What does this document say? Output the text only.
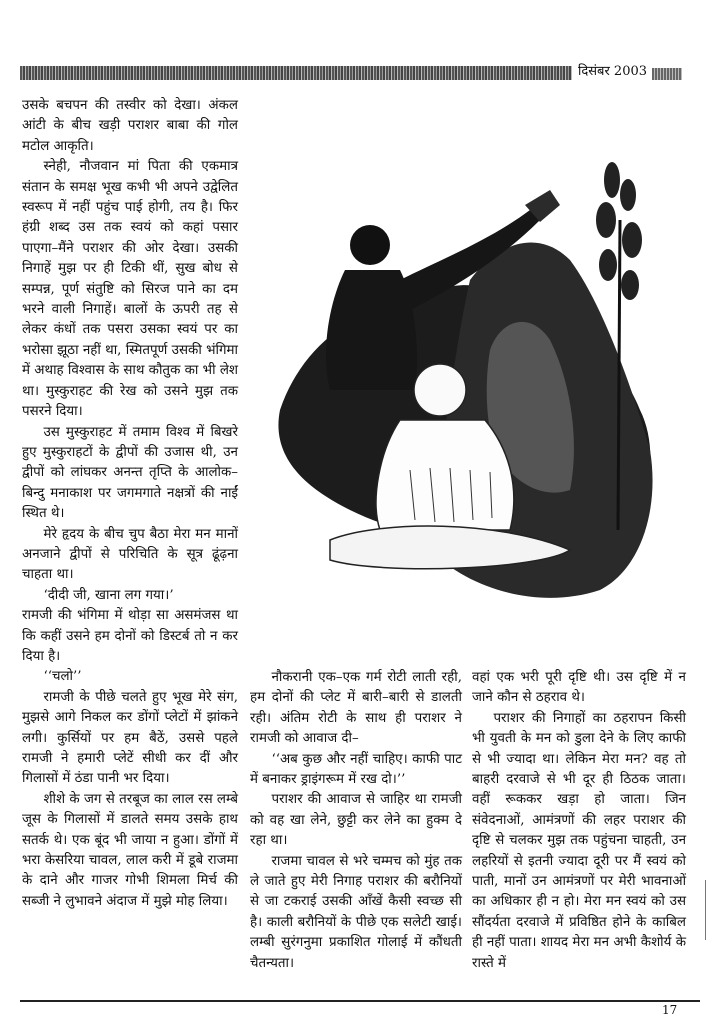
दिसंबर 2003

उसके बचपन की तस्वीर को देखा। अंकल आंटी के बीच खड़ी पराशर बाबा की गोल मटोल आकृति।

स्नेही, नौजवान मां पिता की एकमात्र संतान के समक्ष भूख कभी भी अपने उद्वेलित स्वरूप में नहीं पहुंच पाई होगी, तय है। फिर हंग्री शब्द उस तक स्वयं को कहां पसार पाएगा–मैंने पराशर की ओर देखा। उसकी निगाहें मुझ पर ही टिकी थीं, सुख बोध से सम्पन्न, पूर्ण संतुष्टि को सिरज पाने का दम भरने वाली निगाहें। बालों के ऊपरी तह से लेकर कंधों तक पसरा उसका स्वयं पर का भरोसा झूठा नहीं था, स्मितपूर्ण उसकी भंगिमा में अथाह विश्वास के साथ कौतुक का भी लेश था। मुस्कुराहट की रेख को उसने मुझ तक पसरने दिया।

उस मुस्कुराहट में तमाम विश्व में बिखरे हुए मुस्कुराहटों के द्वीपों की उजास थी, उन द्वीपों को लांघकर अनन्त तृप्ति के आलोक–बिन्दु मनाकाश पर जगमगाते नक्षत्रों की नाईं स्थित थे।

मेरे हृदय के बीच चुप बैठा मेरा मन मानों अनजाने द्वीपों से परिचिति के सूत्र ढूंढ़ना चाहता था।

‘दीदी जी, खाना लग गया।’

रामजी की भंगिमा में थोड़ा सा असमंजस था कि कहीं उसने हम दोनों को डिस्टर्ब तो न कर दिया है।

‘‘चलो’’

रामजी के पीछे चलते हुए भूख मेरे संग, मुझसे आगे निकल कर डोंगों प्लेटों में झांकने लगी। कुर्सियों पर हम बैठें, उससे पहले रामजी ने हमारी प्लेटें सीधी कर दीं और गिलासों में ठंडा पानी भर दिया।

शीशे के जग से तरबूज का लाल रस लम्बे जूस के गिलासों में डालते समय उसके हाथ सतर्क थे। एक बूंद भी जाया न हुआ। डोंगों में भरा केसरिया चावल, लाल करी में डूबे राजमा के दाने और गाजर गोभी शिमला मिर्च की सब्जी ने लुभावने अंदाज में मुझे मोह लिया।

नौकरानी एक–एक गर्म रोटी लाती रही, हम दोनों की प्लेट में बारी–बारी से डालती रही। अंतिम रोटी के साथ ही पराशर ने रामजी को आवाज दी–

‘‘अब कुछ और नहीं चाहिए। काफी पाट में बनाकर ड्राइंगरूम में रख दो।’’

पराशर की आवाज से जाहिर था रामजी को वह खा लेने, छुट्टी कर लेने का हुक्म दे रहा था।

राजमा चावल से भरे चम्मच को मुंह तक ले जाते हुए मेरी निगाह पराशर की बरौनियों से जा टकराई उसकी आँखें कैसी स्वच्छ सी है। काली बरौनियों के पीछे एक सलेटी खाई। लम्बी सुरंगनुमा प्रकाशित गोलाई में कौंधती चैतन्यता।

वहां एक भरी पूरी दृष्टि थी। उस दृष्टि में न जाने कौन से ठहराव थे।

पराशर की निगाहों का ठहरापन किसी भी युवती के मन को डुला देने के लिए काफी से भी ज्यादा था। लेकिन मेरा मन? वह तो बाहरी दरवाजे से भी दूर ही ठिठक जाता। वहीं रूककर खड़ा हो जाता। जिन संवेदनाओं, आमंत्रणों की लहर पराशर की दृष्टि से चलकर मुझ तक पहुंचना चाहती, उन लहरियों से इतनी ज्यादा दूरी पर मैं स्वयं को पाती, मानों उन आमंत्रणों पर मेरी भावनाओं का अधिकार ही न हो। मेरा मन स्वयं को उस सौंदर्यता दरवाजे में प्रविष्ठित होने के काबिल ही नहीं पाता। शायद मेरा मन अभी कैशोर्य के रास्ते में

17
